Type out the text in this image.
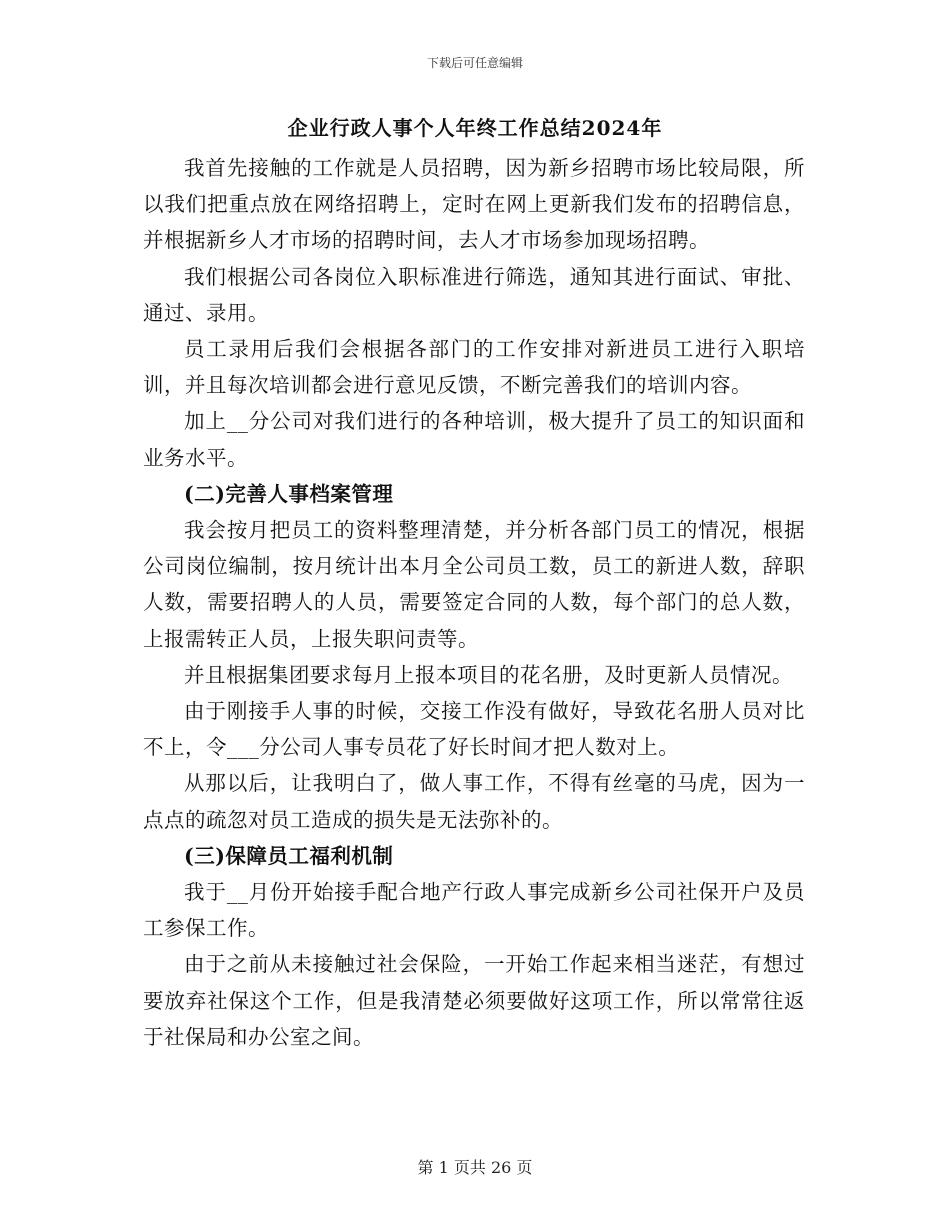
下载后可任意编辑
企业行政人事个人年终工作总结2024年

我首先接触的工作就是人员招聘，因为新乡招聘市场比较局限，所以我们把重点放在网络招聘上，定时在网上更新我们发布的招聘信息，并根据新乡人才市场的招聘时间，去人才市场参加现场招聘。

我们根据公司各岗位入职标准进行筛选，通知其进行面试、审批、通过、录用。

员工录用后我们会根据各部门的工作安排对新进员工进行入职培训，并且每次培训都会进行意见反馈，不断完善我们的培训内容。

加上__分公司对我们进行的各种培训，极大提升了员工的知识面和业务水平。

(二)完善人事档案管理

我会按月把员工的资料整理清楚，并分析各部门员工的情况，根据公司岗位编制，按月统计出本月全公司员工数，员工的新进人数，辞职人数，需要招聘人的人员，需要签定合同的人数，每个部门的总人数，上报需转正人员，上报失职问责等。

并且根据集团要求每月上报本项目的花名册，及时更新人员情况。

由于刚接手人事的时候，交接工作没有做好，导致花名册人员对比不上，令___分公司人事专员花了好长时间才把人数对上。

从那以后，让我明白了，做人事工作，不得有丝毫的马虎，因为一点点的疏忽对员工造成的损失是无法弥补的。

(三)保障员工福利机制

我于__月份开始接手配合地产行政人事完成新乡公司社保开户及员工参保工作。

由于之前从未接触过社会保险，一开始工作起来相当迷茫，有想过要放弃社保这个工作，但是我清楚必须要做好这项工作，所以常常往返于社保局和办公室之间。

第 1 页共 26 页
